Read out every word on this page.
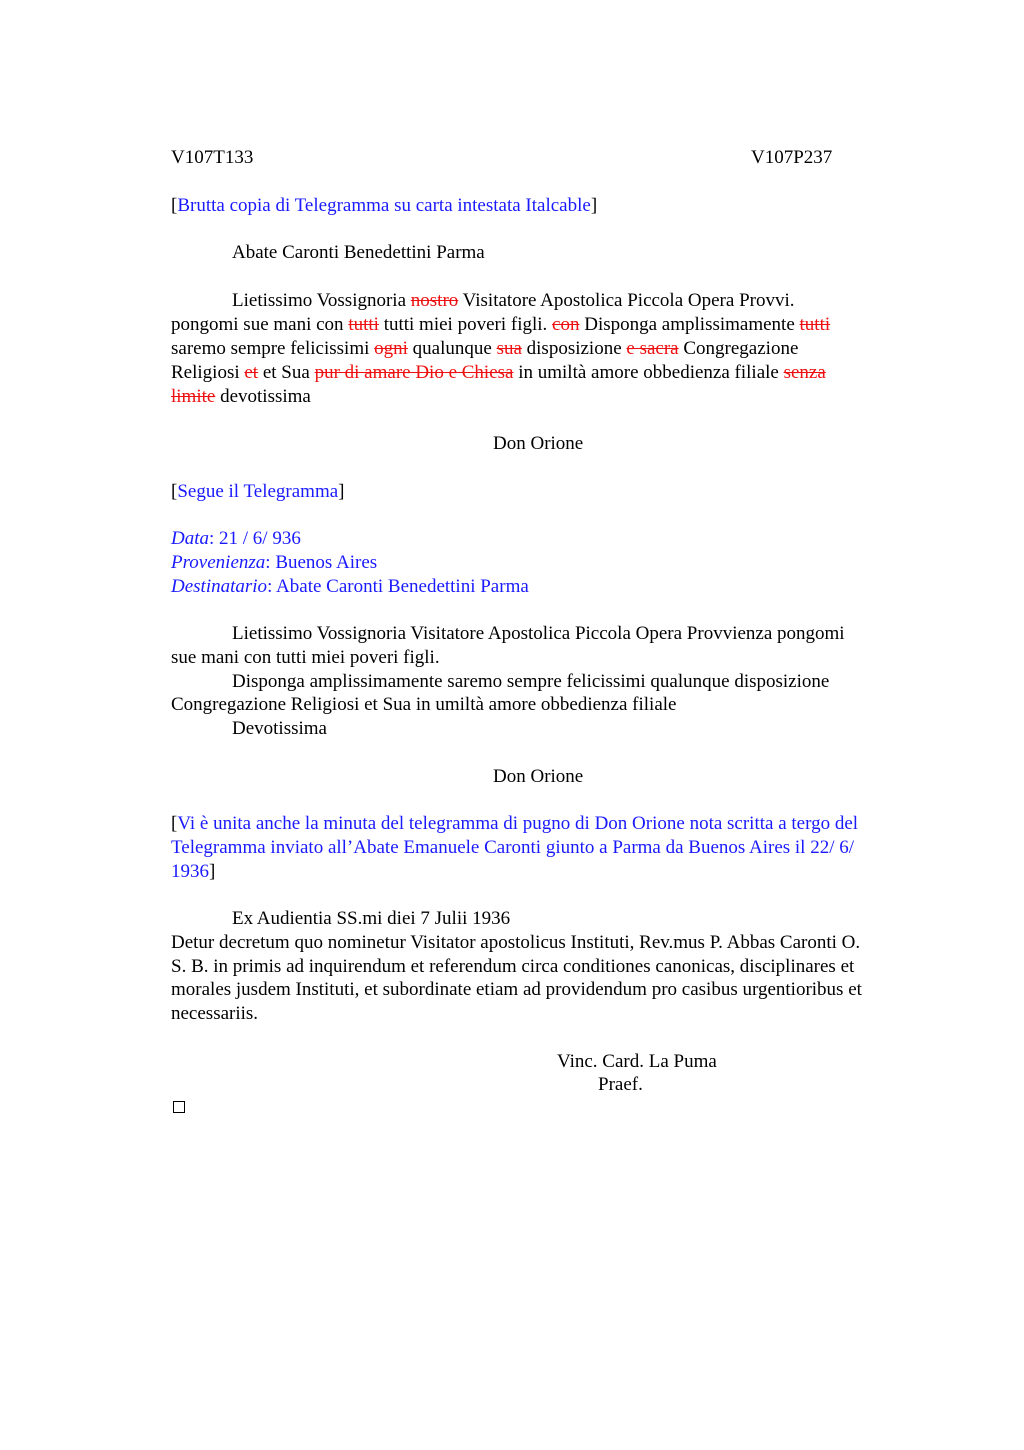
V107T133	V107P237
[Brutta copia di Telegramma su carta intestata Italcable]
Abate Caronti Benedettini Parma
Lietissimo Vossignoria nostro Visitatore Apostolica Piccola Opera Provvi.
pongomi sue mani con tutti tutti miei poveri figli. con Disponga amplissimamente tutti
saremo sempre felicissimi ogni qualunque sua disposizione e sacra Congregazione
Religiosi et et Sua pur di amare Dio e Chiesa in umiltà amore obbedienza filiale senza
limite devotissima
Don Orione
[Segue il Telegramma]
Data: 21 / 6/ 936
Provenienza: Buenos Aires
Destinatario: Abate Caronti Benedettini Parma
Lietissimo Vossignoria Visitatore Apostolica Piccola Opera Provvienza pongomi
sue mani con tutti miei poveri figli.
Disponga amplissimamente saremo sempre felicissimi qualunque disposizione
Congregazione Religiosi et Sua in umiltà amore obbedienza filiale
Devotissima
Don Orione
[Vi è unita anche la minuta del telegramma di pugno di Don Orione nota scritta a tergo del
Telegramma inviato all’Abate Emanuele Caronti giunto a Parma da Buenos Aires il 22/ 6/
1936]
Ex Audientia SS.mi diei 7 Julii 1936
Detur decretum quo nominetur Visitator apostolicus Instituti, Rev.mus P. Abbas Caronti O.
S. B. in primis ad inquirendum et referendum circa conditiones canonicas, disciplinares et
morales jusdem Instituti, et subordinate etiam ad providendum pro casibus urgentioribus et
necessariis.
Vinc. Card. La Puma
Praef.
